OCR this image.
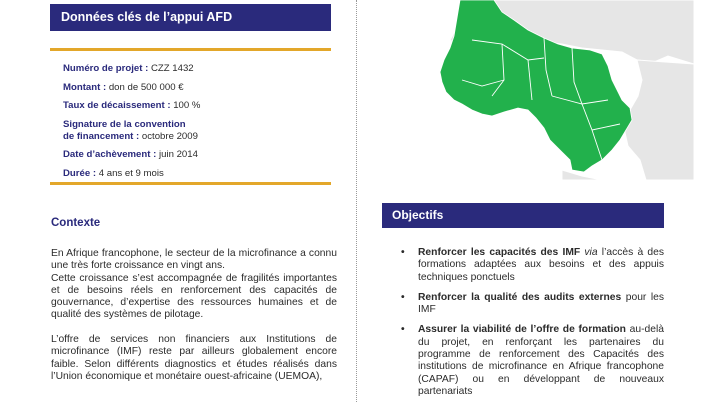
Données clés de l’appui AFD
Numéro de projet : CZZ 1432
Montant : don de 500 000 €
Taux de décaissement : 100 %
Signature de la convention
de financement : octobre 2009
Date d’achèvement : juin 2014
Durée : 4 ans et 9 mois
Contexte

En Afrique francophone, le secteur de la microfinance a connu une très forte croissance en vingt ans.

Cette croissance s’est accompagnée de fragilités importantes et de besoins réels en renforcement des capacités de gouvernance, d’expertise des ressources humaines et de qualité des systèmes de pilotage.

L’offre de services non financiers aux Institutions de microfinance (IMF) reste par ailleurs globalement encore faible. Selon différents diagnostics et études réalisés dans l’Union économique et monétaire ouest-africaine (UEMOA),

Objectifs
• Renforcer les capacités des IMF via l’accès à des formations adaptées aux besoins et des appuis techniques ponctuels
• Renforcer la qualité des audits externes pour les IMF
• Assurer la viabilité de l’offre de formation au-delà du projet, en renforçant les partenaires du programme de renforcement des Capacités des institutions de microfinance en Afrique francophone (CAPAF) ou en développant de nouveaux partenariats
